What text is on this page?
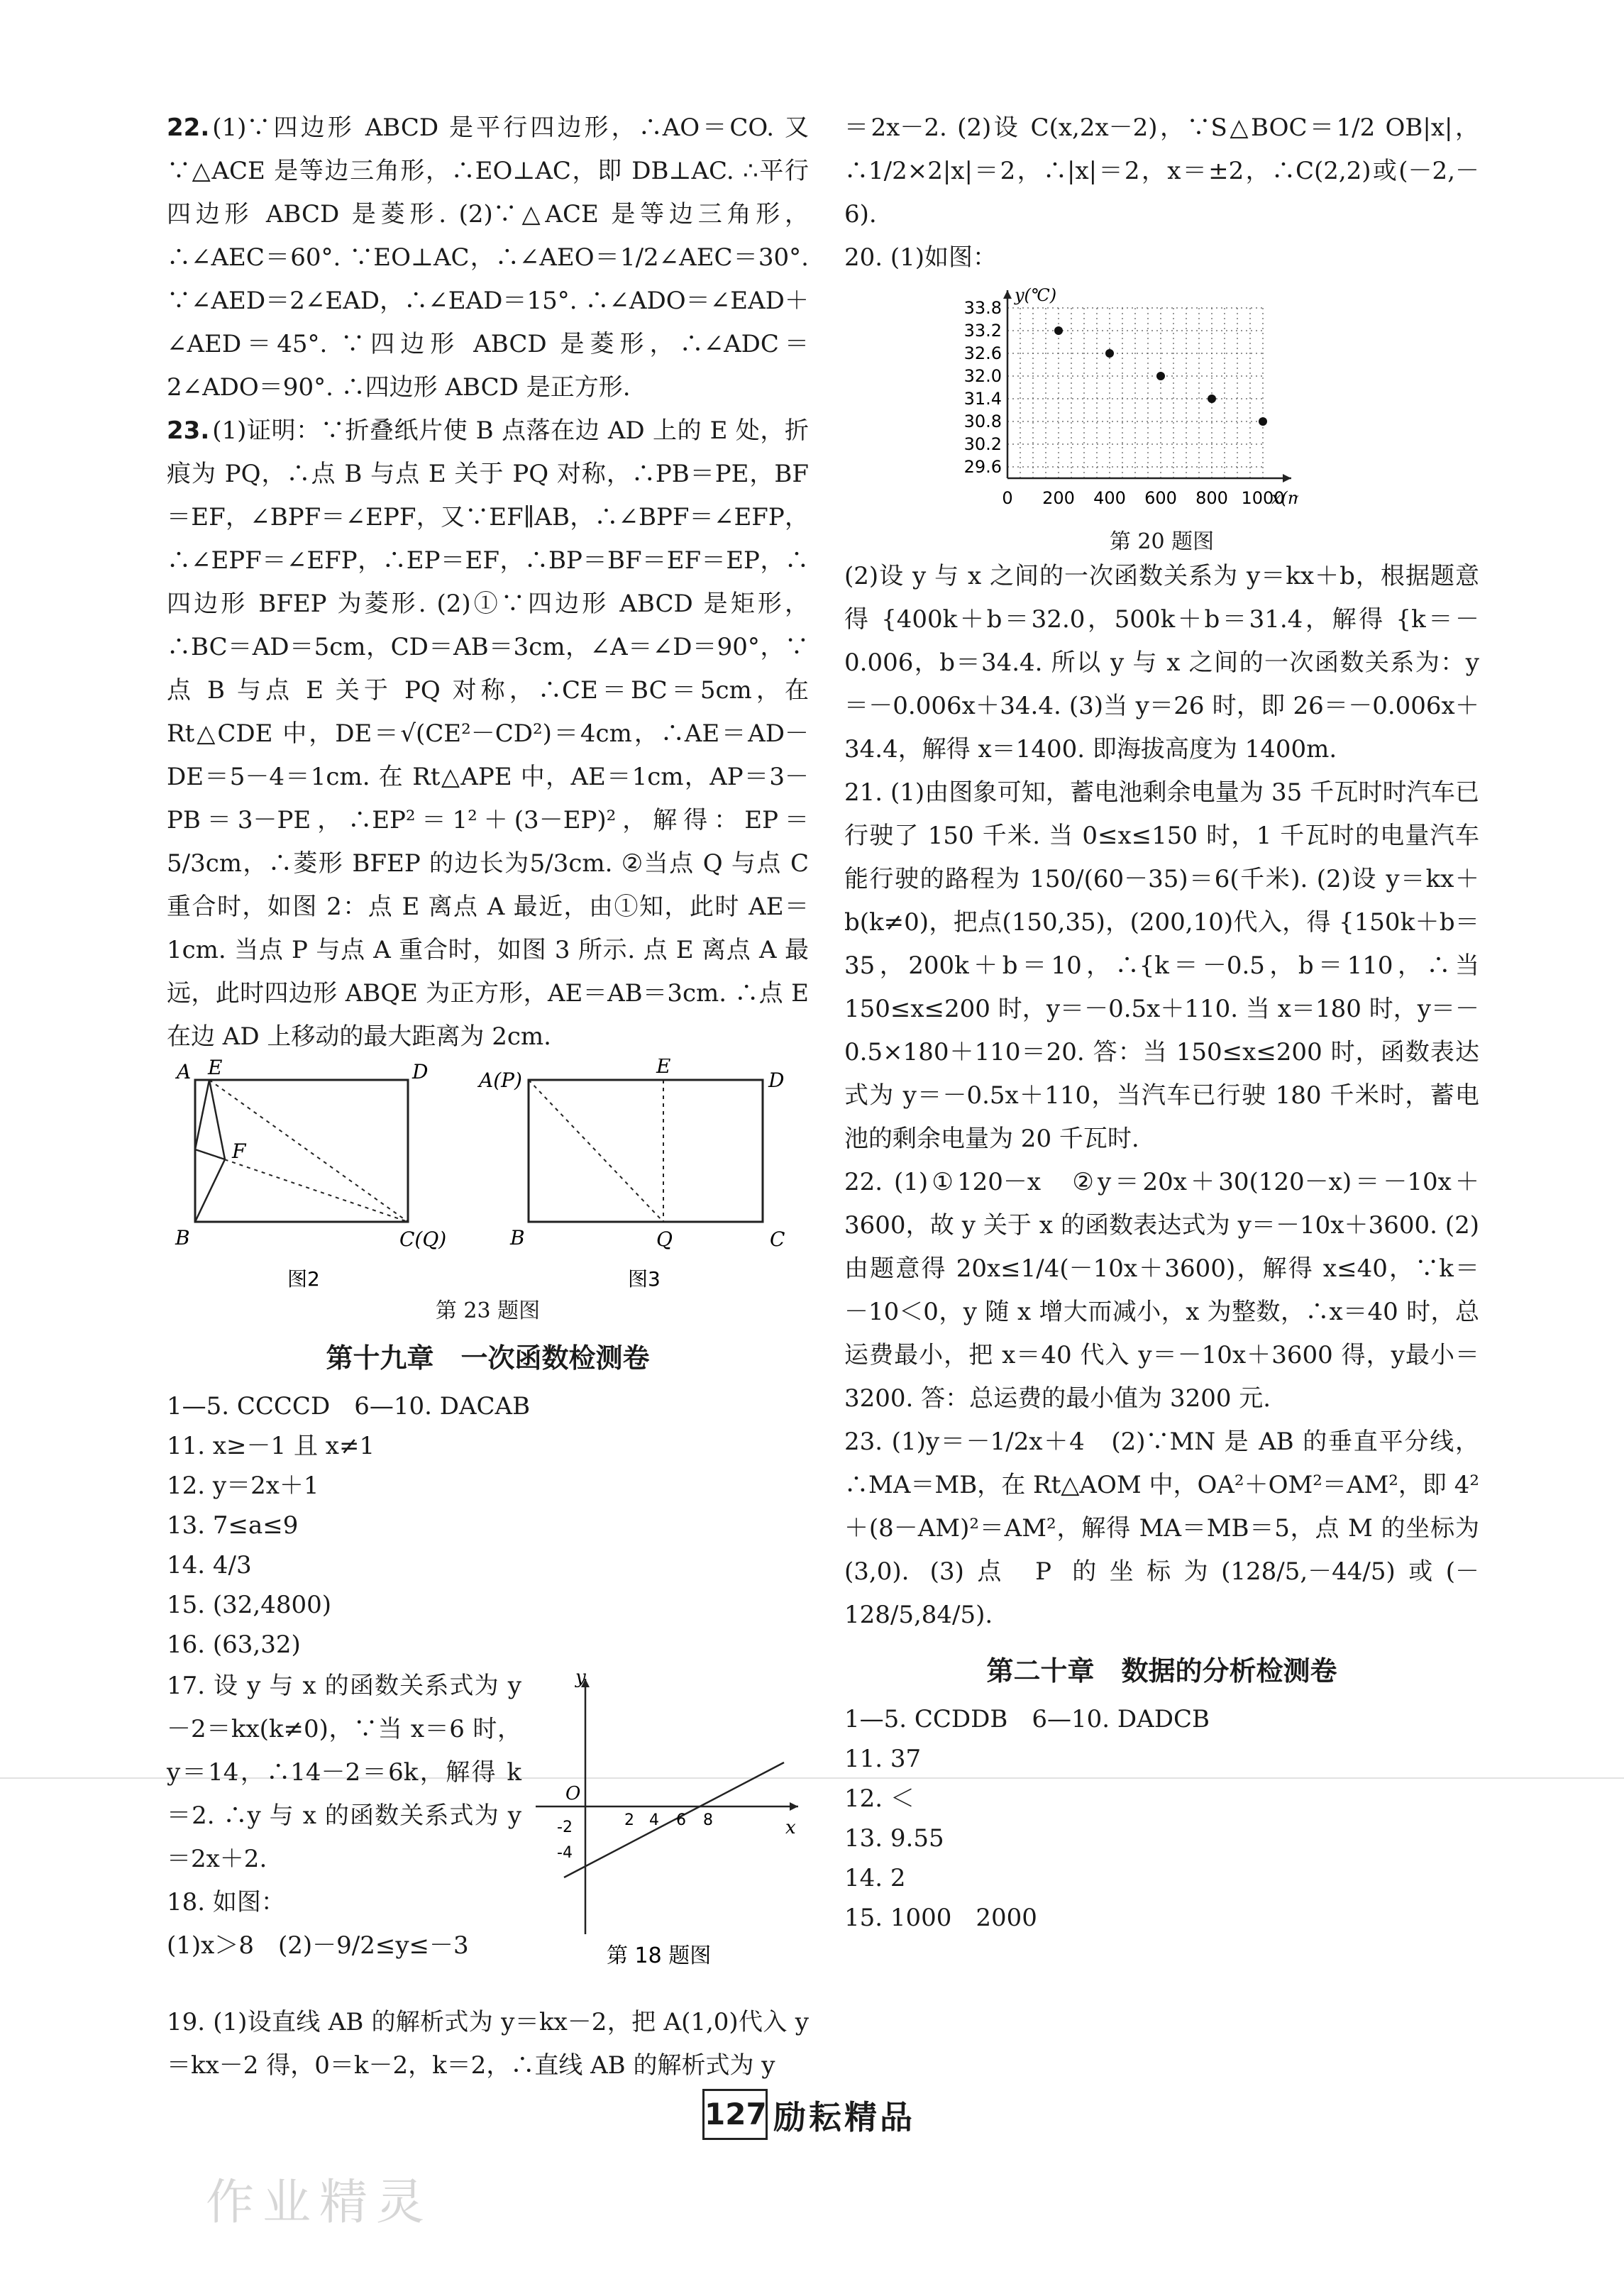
22. (1)∵四边形 ABCD 是平行四边形，∴AO＝CO. 又∵△ACE 是等边三角形，∴EO⊥AC，即 DB⊥AC. ∴平行四边形 ABCD 是菱形. (2)∵△ACE 是等边三角形，∴∠AEC＝60°. ∵EO⊥AC，∴∠AEO＝1/2∠AEC＝30°. ∵∠AED＝2∠EAD，∴∠EAD＝15°. ∴∠ADO＝∠EAD＋∠AED＝45°. ∵四边形 ABCD 是菱形，∴∠ADC＝2∠ADO＝90°. ∴四边形 ABCD 是正方形.

23. (1)证明：∵折叠纸片使 B 点落在边 AD 上的 E 处，折痕为 PQ，∴点 B 与点 E 关于 PQ 对称，∴PB＝PE，BF＝EF，∠BPF＝∠EPF，又∵EF∥AB，∴∠BPF＝∠EFP，∴∠EPF＝∠EFP，∴EP＝EF，∴BP＝BF＝EF＝EP，∴四边形 BFEP 为菱形. (2)①∵四边形 ABCD 是矩形，∴BC＝AD＝5cm，CD＝AB＝3cm，∠A＝∠D＝90°，∵点 B 与点 E 关于 PQ 对称，∴CE＝BC＝5cm，在 Rt△CDE 中，DE＝√(CE²－CD²)＝4cm，∴AE＝AD－DE＝5－4＝1cm. 在 Rt△APE 中，AE＝1cm，AP＝3－PB＝3－PE，∴EP²＝1²＋(3－EP)²，解得：EP＝5/3cm，∴菱形 BFEP 的边长为5/3cm. ②当点 Q 与点 C 重合时，如图 2：点 E 离点 A 最近，由①知，此时 AE＝1cm. 当点 P 与点 A 重合时，如图 3 所示. 点 E 离点 A 最远，此时四边形 ABQE 为正方形，AE＝AB＝3cm. ∴点 E 在边 AD 上移动的最大距离为 2cm.

A E	D
F
B	C(Q)
图2
A(P)
E
D
B	Q	C
图3
第 23 题图
第十九章　一次函数检测卷
1—5. CCCCD　6—10. DACAB
11. x≥－1 且 x≠1
12. y＝2x＋1
13. 7≤a≤9
14. 4/3
15. (32,4800)
16. (63,32)

17. 设 y 与 x 的函数关系式为 y－2＝kx(k≠0)，∵当 x＝6 时，y＝14，∴14－2＝6k，解得 k＝2. ∴y 与 x 的函数关系式为 y＝2x＋2.

18. 如图：

(1)x＞8　(2)－9/2≤y≤－3

y
x
O
-2
-4
2 4 6 8
第 18 题图

19. (1)设直线 AB 的解析式为 y＝kx－2，把 A(1,0)代入 y＝kx－2 得，0＝k－2，k＝2，∴直线 AB 的解析式为 y

＝2x－2. (2)设 C(x,2x－2)，∵S△BOC＝1/2 OB|x|，∴1/2×2|x|＝2，∴|x|＝2，x＝±2，∴C(2,2)或(－2,－6).

20. (1)如图：

29.6
30.2
30.8
31.4
32.0
32.6
33.2
33.8
y(℃)
0 200 400 600 800 1000
x(
第 20 题图

(2)设 y 与 x 之间的一次函数关系为 y＝kx＋b，根据题意得 {400k＋b＝32.0，500k＋b＝31.4，解得 {k＝－0.006，b＝34.4. 所以 y 与 x 之间的一次函数关系为：y＝－0.006x＋34.4. (3)当 y＝26 时，即 26＝－0.006x＋34.4，解得 x＝1400. 即海拔高度为 1400m.

21. (1)由图象可知，蓄电池剩余电量为 35 千瓦时时汽车已行驶了 150 千米. 当 0≤x≤150 时，1 千瓦时的电量汽车能行驶的路程为 150/(60－35)＝6(千米). (2)设 y＝kx＋b(k≠0)，把点(150,35)，(200,10)代入，得 {150k＋b＝35，200k＋b＝10，∴{k＝－0.5，b＝110，∴当 150≤x≤200 时，y＝－0.5x＋110. 当 x＝180 时，y＝－0.5×180＋110＝20. 答：当 150≤x≤200 时，函数表达式为 y＝－0.5x＋110，当汽车已行驶 180 千米时，蓄电池的剩余电量为 20 千瓦时.

22. (1)①120－x　②y＝20x＋30(120－x)＝－10x＋3600，故 y 关于 x 的函数表达式为 y＝－10x＋3600. (2)由题意得 20x≤1/4(－10x＋3600)，解得 x≤40，∵k＝－10＜0，y 随 x 增大而减小，x 为整数，∴x＝40 时，总运费最小，把 x＝40 代入 y＝－10x＋3600 得，y最小＝3200. 答：总运费的最小值为 3200 元.

23. (1)y＝－1/2x＋4　(2)∵MN 是 AB 的垂直平分线，∴MA＝MB，在 Rt△AOM 中，OA²＋OM²＝AM²，即 4²＋(8－AM)²＝AM²，解得 MA＝MB＝5，点 M 的坐标为(3,0). (3)点 P 的坐标为(128/5,－44/5)或(－128/5,84/5).

第二十章　数据的分析检测卷
1—5. CCDDB　6—10. DADCB
11. 37
12. ＜
13. 9.55
14. 2
15. 1000　2000
127 励耘精品
作业精灵
